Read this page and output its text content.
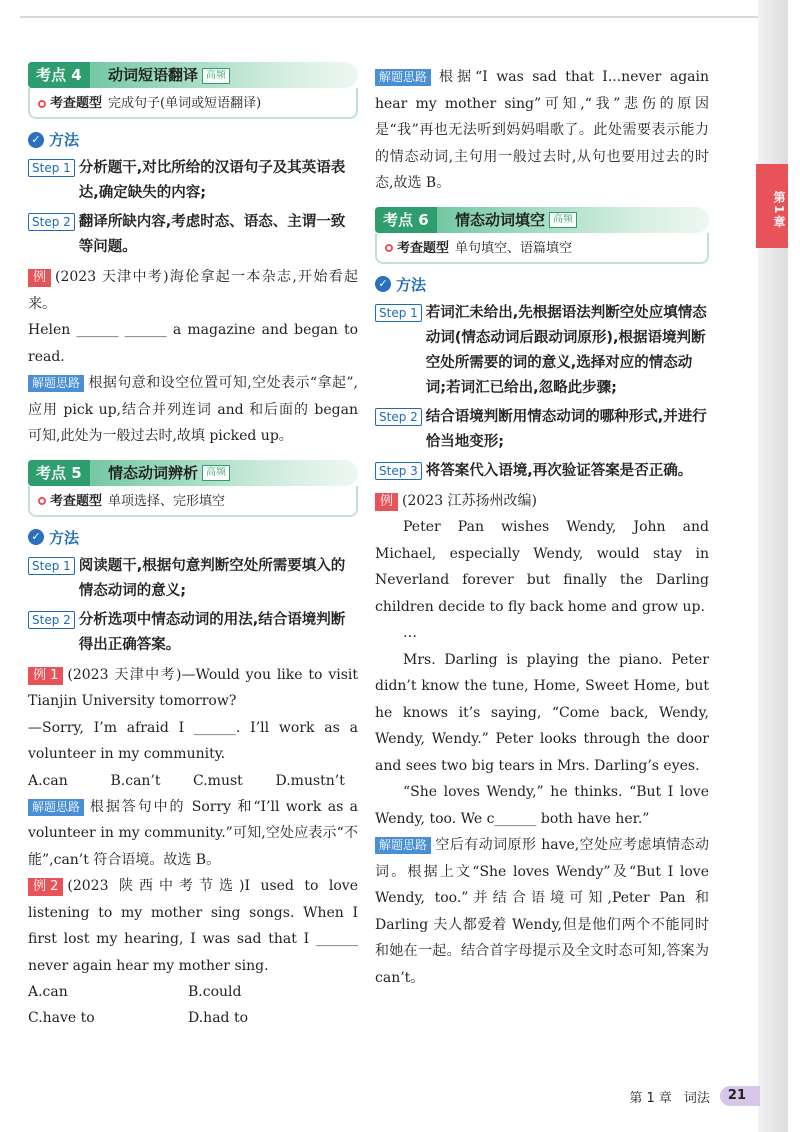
第1章
考点 4	动词短语翻译 高频
考查题型 完成句子(单词或短语翻译)
✓ 方法
Step 1 分析题干,对比所给的汉语句子及其英语表达,确定缺失的内容;
Step 2 翻译所缺内容,考虑时态、语态、主谓一致等问题。

例 (2023 天津中考)海伦拿起一本杂志,开始看起来。

Helen ______ ______ a magazine and began to read.

解题思路 根据句意和设空位置可知,空处表示“拿起”,应用 pick up,结合并列连词 and 和后面的 began 可知,此处为一般过去时,故填 picked up。

考点 5	情态动词辨析 高频
考查题型 单项选择、完形填空
✓ 方法
Step 1 阅读题干,根据句意判断空处所需要填入的情态动词的意义;
Step 2 分析选项中情态动词的用法,结合语境判断得出正确答案。

例 1 (2023 天津中考)—Would you like to visit Tianjin University tomorrow?

—Sorry, I’m afraid I ______. I’ll work as a volunteer in my community.

A.can	B.can’t	C.must	D.mustn’t

解题思路 根据答句中的 Sorry 和“I’ll work as a volunteer in my community.”可知,空处应表示“不能”,can’t 符合语境。故选 B。

例 2 (2023 陕西中考节选)I used to love listening to my mother sing songs. When I first lost my hearing, I was sad that I ______ never again hear my mother sing.

A.can	B.could
C.have to	D.had to

解题思路 根据“I was sad that I...never again hear my mother sing”可知,“我”悲伤的原因是“我”再也无法听到妈妈唱歌了。此处需要表示能力的情态动词,主句用一般过去时,从句也要用过去的时态,故选 B。

考点 6	情态动词填空 高频
考查题型 单句填空、语篇填空
✓ 方法
Step 1 若词汇未给出,先根据语法判断空处应填情态动词(情态动词后跟动词原形),根据语境判断空处所需要的词的意义,选择对应的情态动词;若词汇已给出,忽略此步骤;
Step 2 结合语境判断用情态动词的哪种形式,并进行恰当地变形;
Step 3 将答案代入语境,再次验证答案是否正确。

例 (2023 江苏扬州改编)

Peter Pan wishes Wendy, John and Michael, especially Wendy, would stay in Neverland forever but finally the Darling children decide to fly back home and grow up.

…

Mrs. Darling is playing the piano. Peter didn’t know the tune, Home, Sweet Home, but he knows it’s saying, “Come back, Wendy, Wendy, Wendy.” Peter looks through the door and sees two big tears in Mrs. Darling’s eyes.

“She loves Wendy,” he thinks. “But I love Wendy, too. We c______ both have her.”

解题思路 空后有动词原形 have,空处应考虑填情态动词。根据上文“She loves Wendy”及“But I love Wendy, too.”并结合语境可知,Peter Pan 和 Darling 夫人都爱着 Wendy,但是他们两个不能同时和她在一起。结合首字母提示及全文时态可知,答案为 can’t。

第 1 章 词法	21
